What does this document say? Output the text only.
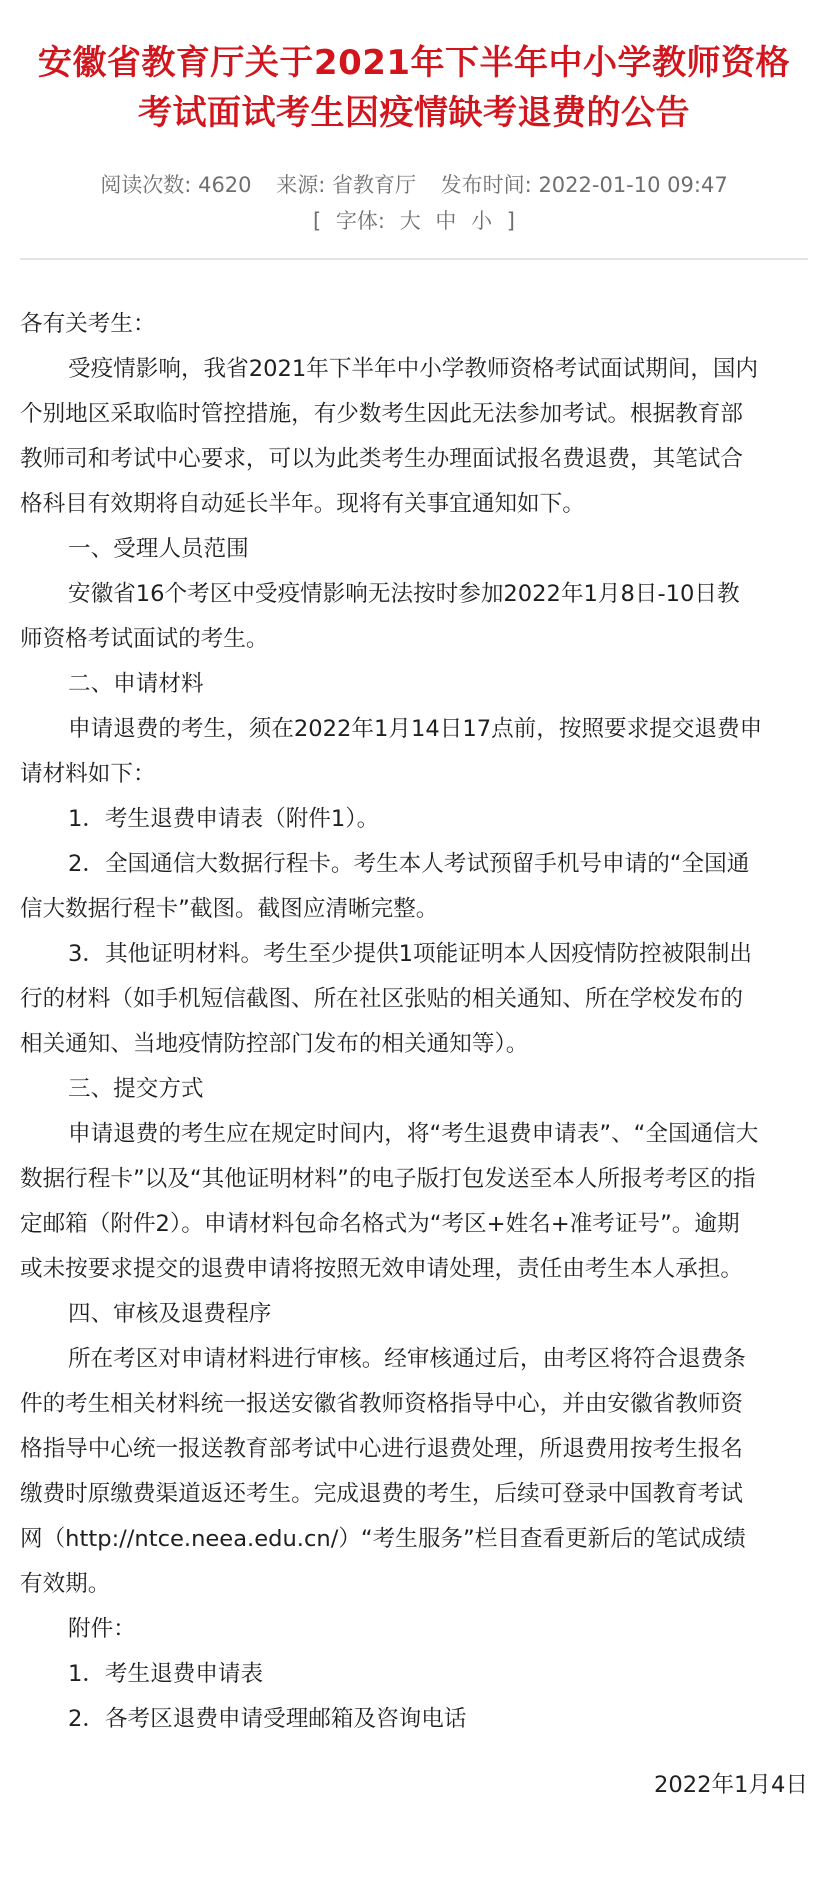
安徽省教育厅关于2021年下半年中小学教师资格
考试面试考生因疫情缺考退费的公告
阅读次数: 4620 来源: 省教育厅 发布时间: 2022-01-10 09:47
[ 字体: 大 中 小 ]
各有关考生：
受疫情影响，我省2021年下半年中小学教师资格考试面试期间，国内
个别地区采取临时管控措施，有少数考生因此无法参加考试。根据教育部
教师司和考试中心要求，可以为此类考生办理面试报名费退费，其笔试合
格科目有效期将自动延长半年。现将有关事宜通知如下。
一、受理人员范围
安徽省16个考区中受疫情影响无法按时参加2022年1月8日-10日教
师资格考试面试的考生。
二、申请材料
申请退费的考生，须在2022年1月14日17点前，按照要求提交退费申
请材料如下：
1．考生退费申请表（附件1）。
2．全国通信大数据行程卡。考生本人考试预留手机号申请的“全国通
信大数据行程卡”截图。截图应清晰完整。
3．其他证明材料。考生至少提供1项能证明本人因疫情防控被限制出
行的材料（如手机短信截图、所在社区张贴的相关通知、所在学校发布的
相关通知、当地疫情防控部门发布的相关通知等）。
三、提交方式
申请退费的考生应在规定时间内，将“考生退费申请表”、“全国通信大
数据行程卡”以及“其他证明材料”的电子版打包发送至本人所报考考区的指
定邮箱（附件2）。申请材料包命名格式为“考区+姓名+准考证号”。逾期
或未按要求提交的退费申请将按照无效申请处理，责任由考生本人承担。
四、审核及退费程序
所在考区对申请材料进行审核。经审核通过后，由考区将符合退费条
件的考生相关材料统一报送安徽省教师资格指导中心，并由安徽省教师资
格指导中心统一报送教育部考试中心进行退费处理，所退费用按考生报名
缴费时原缴费渠道返还考生。完成退费的考生，后续可登录中国教育考试
网（http://ntce.neea.edu.cn/）“考生服务”栏目查看更新后的笔试成绩
有效期。
附件：
1．考生退费申请表
2．各考区退费申请受理邮箱及咨询电话
2022年1月4日
